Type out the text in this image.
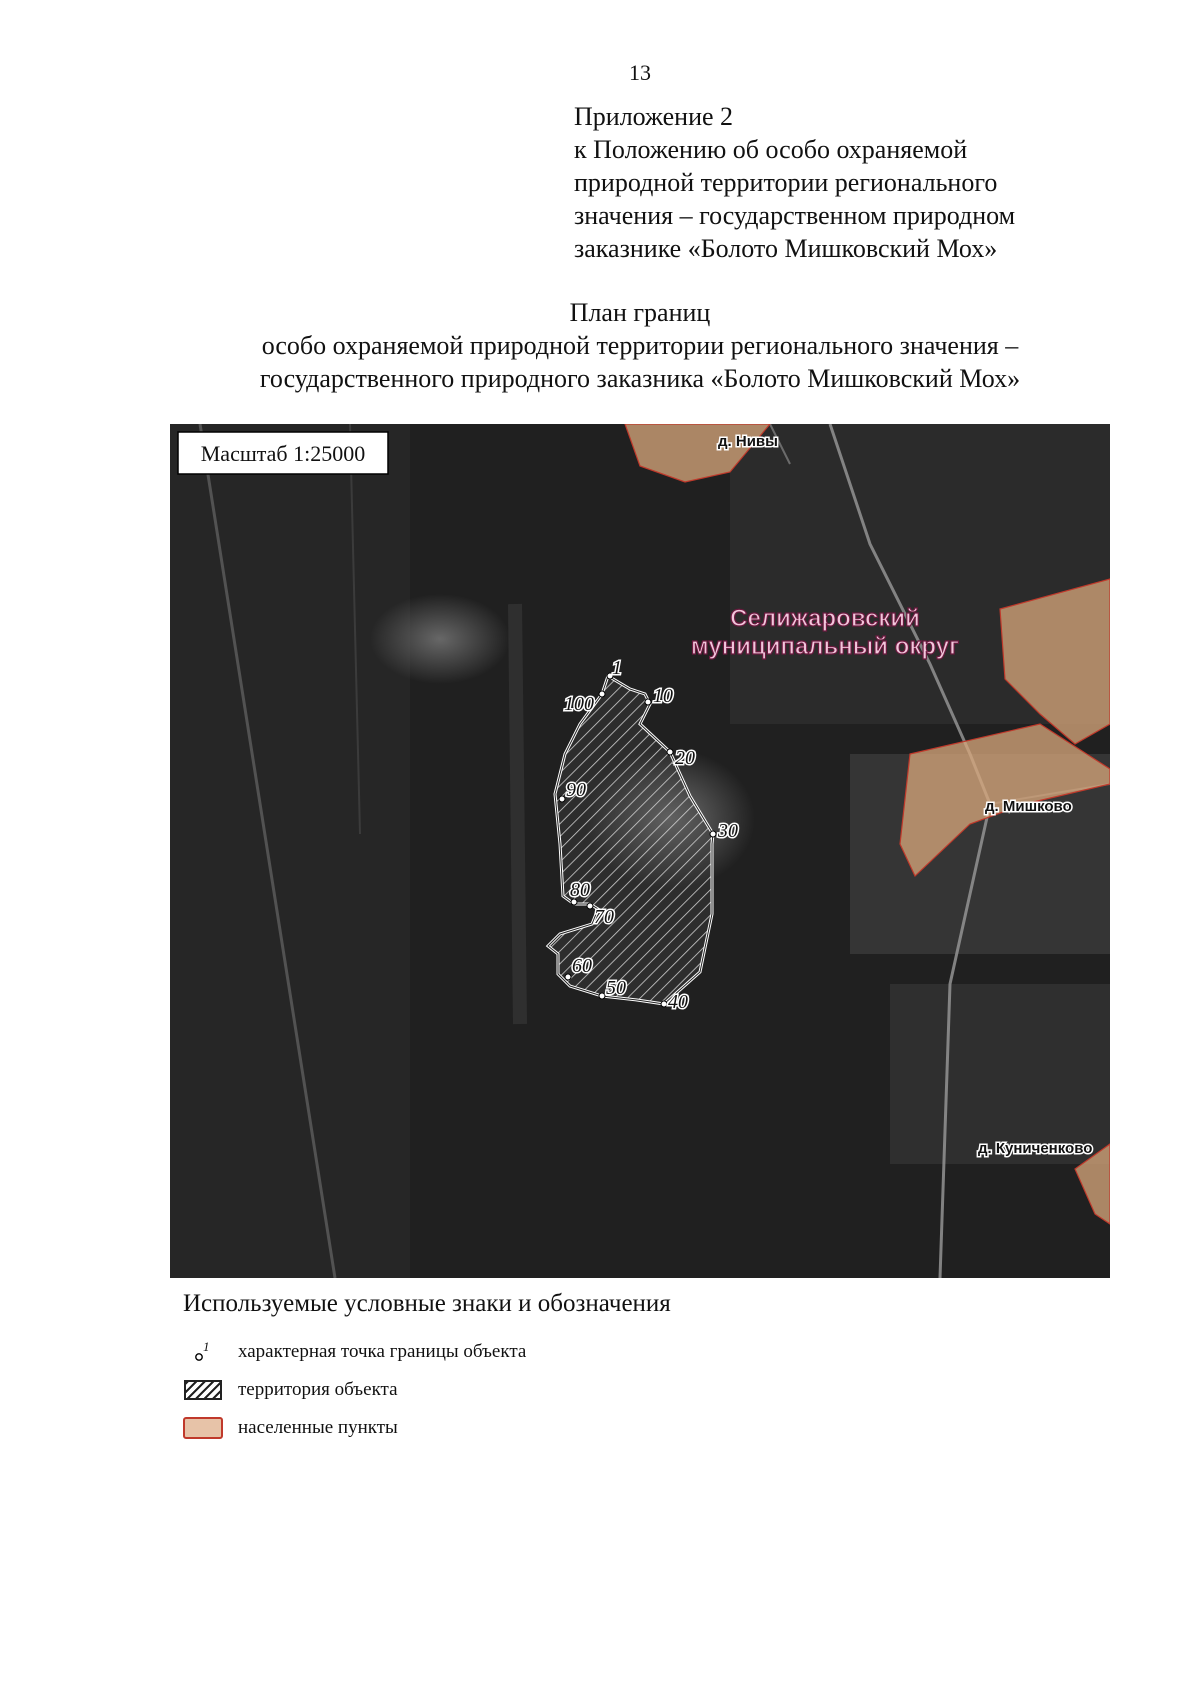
13
Приложение 2
к Положению об особо охраняемой
природной территории регионального
значения – государственном природном
заказнике «Болото Мишковский Мох»
План границ
особо охраняемой природной территории регионального значения –
государственного природного заказника «Болото Мишковский Мох»
1
10
20
30
40
50
60
70
80
90
100
Селижаровский
муниципальный округ
д. Нивы
д. Мишково
д. Куниченково
Масштаб 1:25000
Используемые условные знаки и обозначения
1 характерная точка границы объекта
территория объекта
населенные пункты
